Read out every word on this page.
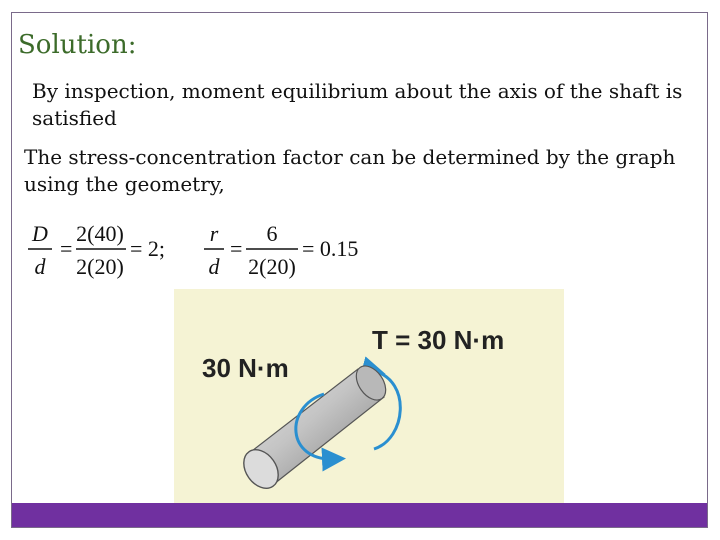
Solution:
By inspection, moment equilibrium about the axis of the shaft is satisfied
The stress-concentration factor can be determined by the graph using the geometry,
D
d
=
2(40)
2(20)
= 2;
r
d
=
6
2(20)
= 0.15
30 N·m
T = 30 N·m
